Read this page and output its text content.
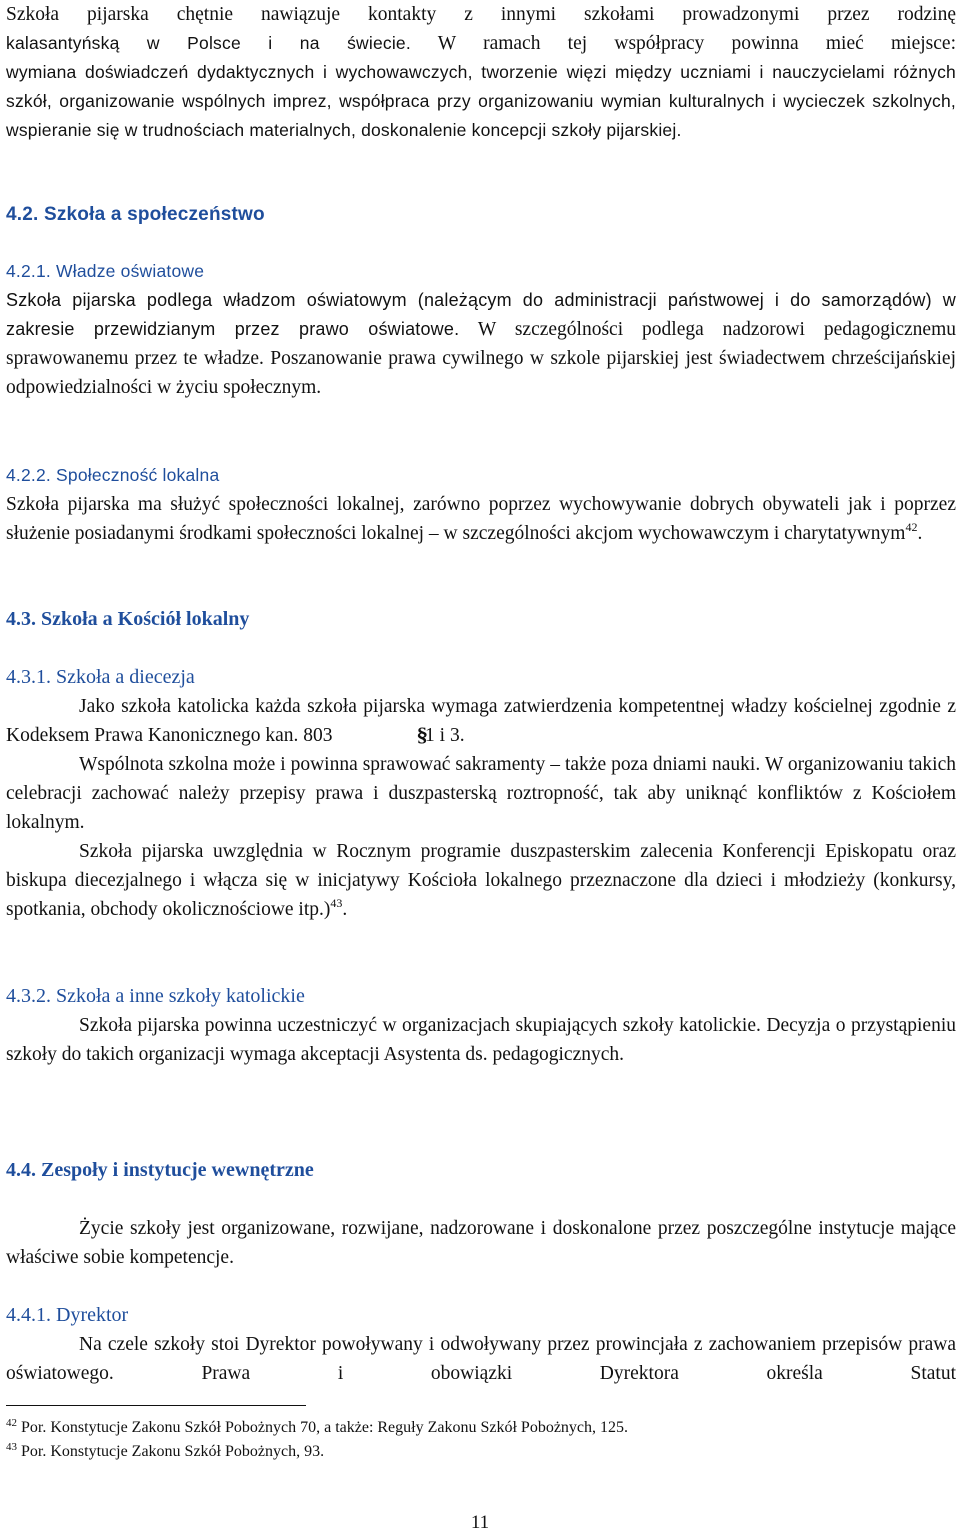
Szkoła pijarska chętnie nawiązuje kontakty z innymi szkołami prowadzonymi przez rodzinę

kalasantyńską w Polsce i na świecie. W ramach tej współpracy powinna mieć miejsce:

wymiana doświadczeń dydaktycznych i wychowawczych, tworzenie więzi między uczniami i nauczycielami różnych szkół, organizowanie wspólnych imprez, współpraca przy organizowaniu wymian kulturalnych i wycieczek szkolnych, wspieranie się w trudnościach materialnych, doskonalenie koncepcji szkoły pijarskiej.

4.2. Szkoła a społeczeństwo

4.2.1. Władze oświatowe

Szkoła pijarska podlega władzom oświatowym (należącym do administracji państwowej i do samorządów) w zakresie przewidzianym przez prawo oświatowe. W szczególności podlega nadzorowi pedagogicznemu sprawowanemu przez te władze. Poszanowanie prawa cywilnego w szkole pijarskiej jest świadectwem chrześcijańskiej odpowiedzialności w życiu społecznym.

4.2.2. Społeczność lokalna

Szkoła pijarska ma służyć społeczności lokalnej, zarówno poprzez wychowywanie dobrych obywateli jak i poprzez służenie posiadanymi środkami społeczności lokalnej – w szczególności akcjom wychowawczym i charytatywnym$^{42}$.

4.3. Szkoła a Kościół lokalny

4.3.1. Szkoła a diecezja

Jako szkoła katolicka każda szkoła pijarska wymaga zatwierdzenia kompetentnej władzy kościelnej zgodnie z Kodeksem Prawa Kanonicznego kan. 803	§ 1 i 3.

Wspólnota szkolna może i powinna sprawować sakramenty – także poza dniami nauki. W organizowaniu takich celebracji zachować należy przepisy prawa i duszpasterską roztropność, tak aby uniknąć konfliktów z Kościołem lokalnym.

Szkoła pijarska uwzględnia w Rocznym programie duszpasterskim zalecenia Konferencji Episkopatu oraz biskupa diecezjalnego i włącza się w inicjatywy Kościoła lokalnego przeznaczone dla dzieci i młodzieży (konkursy, spotkania, obchody okolicznościowe itp.)$^{43}$.

4.3.2. Szkoła a inne szkoły katolickie

Szkoła pijarska powinna uczestniczyć w organizacjach skupiających szkoły katolickie. Decyzja o przystąpieniu szkoły do takich organizacji wymaga akceptacji Asystenta ds. pedagogicznych.

4.4. Zespoły i instytucje wewnętrzne

Życie szkoły jest organizowane, rozwijane, nadzorowane i doskonalone przez poszczególne instytucje mające właściwe sobie kompetencje.

4.4.1. Dyrektor

Na czele szkoły stoi Dyrektor powoływany i odwoływany przez prowincjała z zachowaniem przepisów prawa oświatowego. Prawa i obowiązki Dyrektora określa Statut

$^{42}$ Por. Konstytucje Zakonu Szkół Pobożnych 70, a także: Reguły Zakonu Szkół Pobożnych, 125.
$^{43}$ Por. Konstytucje Zakonu Szkół Pobożnych, 93.
11
